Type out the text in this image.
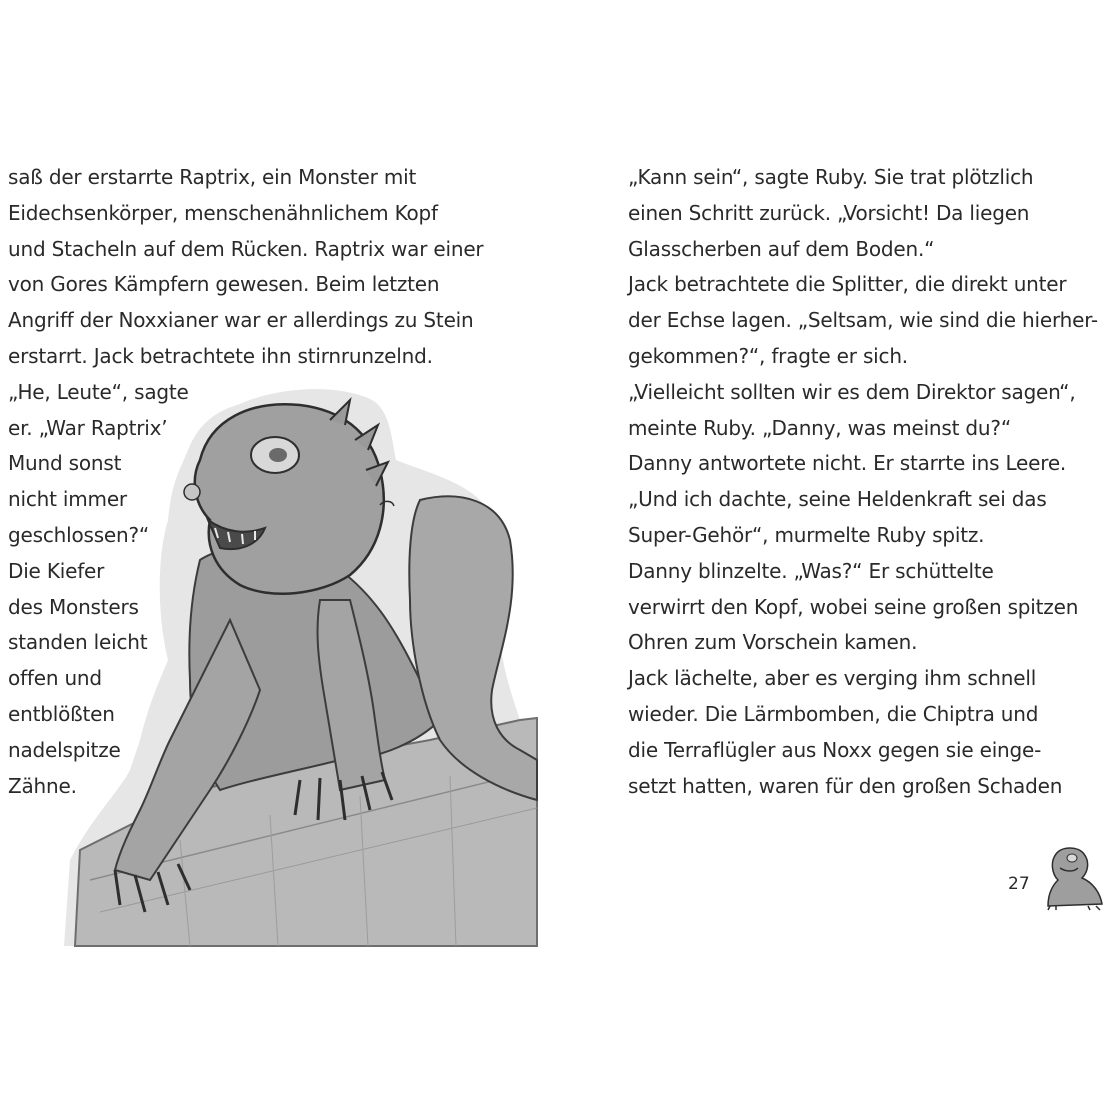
saß der erstarrte Raptrix, ein Monster mit

Eidechsenkörper, menschenähnlichem Kopf

und Stacheln auf dem Rücken. Raptrix war einer

von Gores Kämpfern gewesen. Beim letzten

Angriff der Noxxianer war er allerdings zu Stein

erstarrt. Jack betrachtete ihn stirnrunzelnd.

„He, Leute“, sagte

er. „War Raptrix’

Mund sonst

nicht immer

geschlossen?“

Die Kiefer

des Monsters

standen leicht

offen und

entblößten

nadelspitze

Zähne.

„Kann sein“, sagte Ruby. Sie trat plötzlich

einen Schritt zurück. „Vorsicht! Da liegen

Glasscherben auf dem Boden.“

Jack betrachtete die Splitter, die direkt unter

der Echse lagen. „Seltsam, wie sind die hierher-

gekommen?“, fragte er sich.

„Vielleicht sollten wir es dem Direktor sagen“,

meinte Ruby. „Danny, was meinst du?“

Danny antwortete nicht. Er starrte ins Leere.

„Und ich dachte, seine Heldenkraft sei das

Super-Gehör“, murmelte Ruby spitz.

Danny blinzelte. „Was?“ Er schüttelte

verwirrt den Kopf, wobei seine großen spitzen

Ohren zum Vorschein kamen.

Jack lächelte, aber es verging ihm schnell

wieder. Die Lärmbomben, die Chiptra und

die Terraflügler aus Noxx gegen sie einge-

setzt hatten, waren für den großen Schaden

27
